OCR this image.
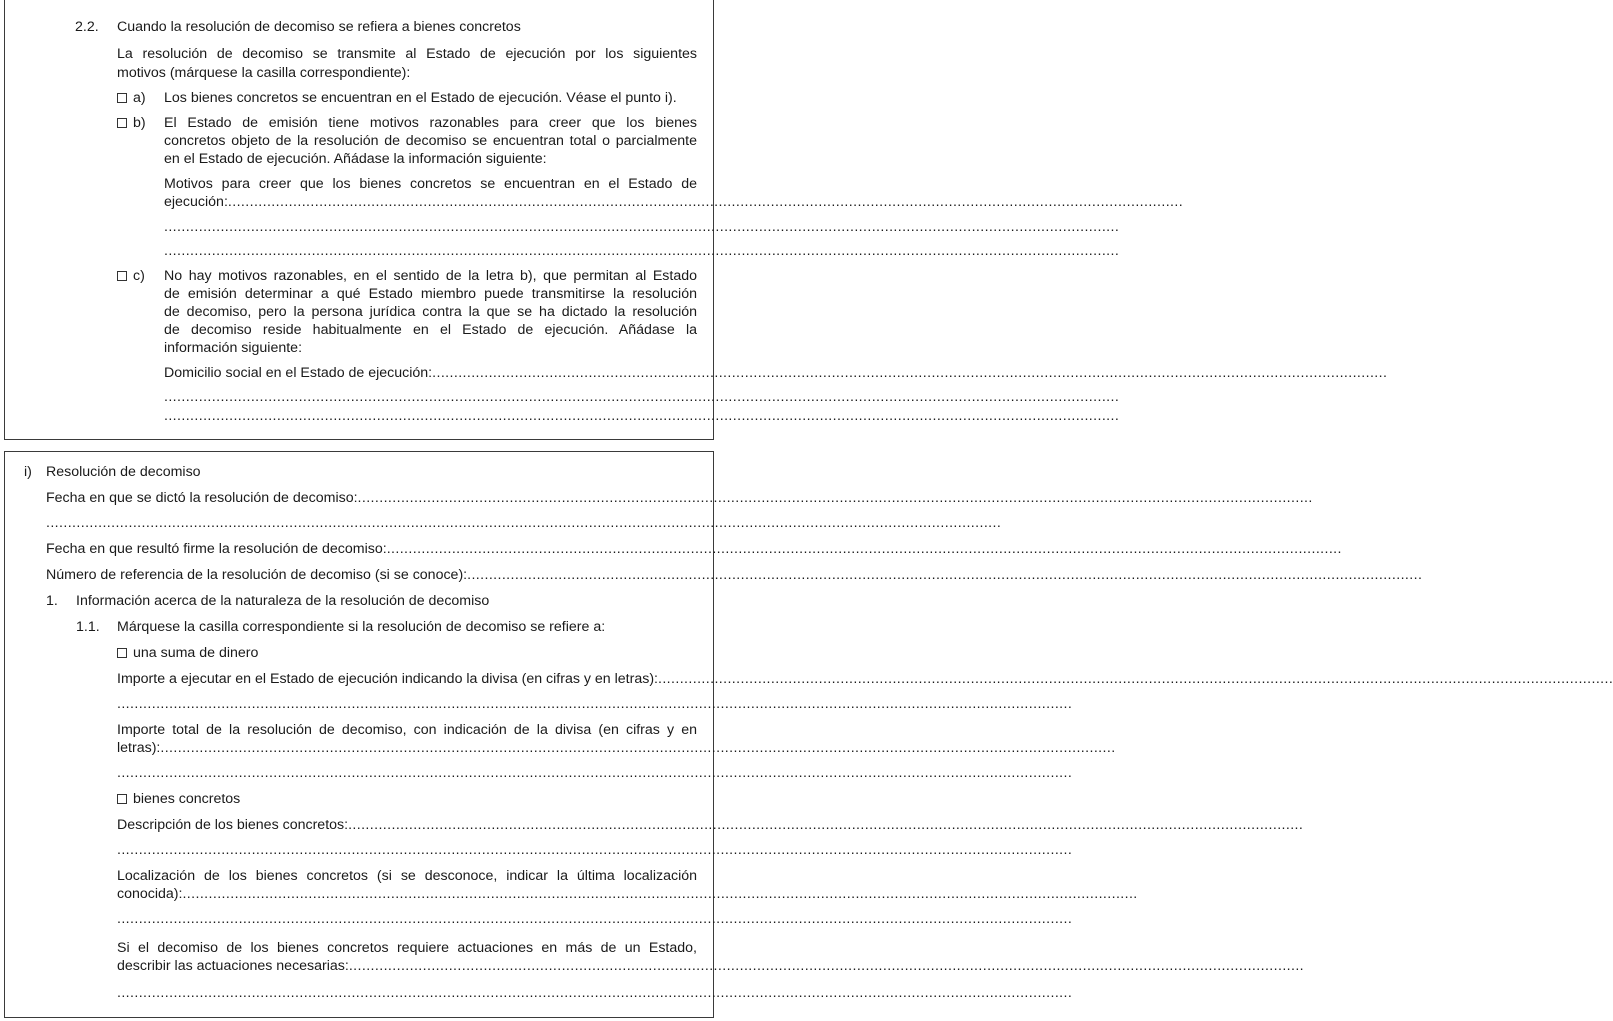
2.2. Cuando la resolución de decomiso se refiera a bienes concretos
La resolución de decomiso se transmite al Estado de ejecución por los siguientes
motivos (márquese la casilla correspondiente):
a) Los bienes concretos se encuentran en el Estado de ejecución. Véase el punto i).
b) El Estado de emisión tiene motivos razonables para creer que los bienes
concretos objeto de la resolución de decomiso se encuentran total o parcialmente
en el Estado de ejecución. Añádase la información siguiente:
Motivos para creer que los bienes concretos se encuentran en el Estado de
ejecución: ............................................................................................................................................................................................................................
............................................................................................................................................................................................................................
............................................................................................................................................................................................................................
c) No hay motivos razonables, en el sentido de la letra b), que permitan al Estado
de emisión determinar a qué Estado miembro puede transmitirse la resolución
de decomiso, pero la persona jurídica contra la que se ha dictado la resolución
de decomiso reside habitualmente en el Estado de ejecución. Añádase la
información siguiente:
Domicilio social en el Estado de ejecución: ............................................................................................................................................................................................................................
............................................................................................................................................................................................................................
............................................................................................................................................................................................................................
i) Resolución de decomiso
Fecha en que se dictó la resolución de decomiso: ............................................................................................................................................................................................................................
............................................................................................................................................................................................................................
Fecha en que resultó firme la resolución de decomiso: ............................................................................................................................................................................................................................
Número de referencia de la resolución de decomiso (si se conoce): ............................................................................................................................................................................................................................
1. Información acerca de la naturaleza de la resolución de decomiso
1.1. Márquese la casilla correspondiente si la resolución de decomiso se refiere a:
una suma de dinero
Importe a ejecutar en el Estado de ejecución indicando la divisa (en cifras y en letras): ............................................................................................................................................................................................................................
............................................................................................................................................................................................................................
Importe total de la resolución de decomiso, con indicación de la divisa (en cifras y en
letras): ............................................................................................................................................................................................................................
............................................................................................................................................................................................................................
bienes concretos
Descripción de los bienes concretos: ............................................................................................................................................................................................................................
............................................................................................................................................................................................................................
Localización de los bienes concretos (si se desconoce, indicar la última localización
conocida): ............................................................................................................................................................................................................................
............................................................................................................................................................................................................................
Si el decomiso de los bienes concretos requiere actuaciones en más de un Estado,
describir las actuaciones necesarias: ............................................................................................................................................................................................................................
............................................................................................................................................................................................................................
